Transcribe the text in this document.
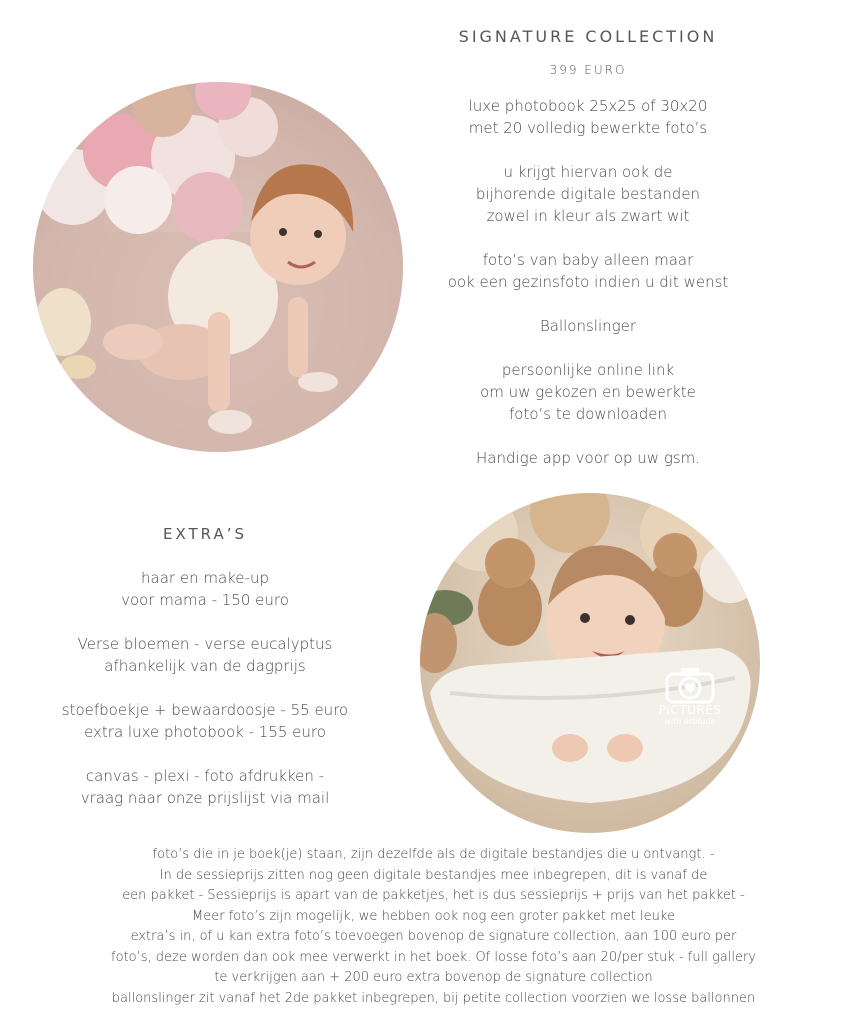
PICTURES
with attitude
SIGNATURE COLLECTION
399 EURO

luxe photobook 25x25 of 30x20
met 20 volledig bewerkte foto’s

u krijgt hiervan ook de
bijhorende digitale bestanden
zowel in kleur als zwart wit

foto’s van baby alleen maar
ook een gezinsfoto indien u dit wenst

Ballonslinger

persoonlijke online link
om uw gekozen en bewerkte
foto’s te downloaden

Handige app voor op uw gsm.

EXTRA’S

haar en make-up
voor mama - 150 euro

Verse bloemen - verse eucalyptus
afhankelijk van de dagprijs

stoefboekje + bewaardoosje - 55 euro
extra luxe photobook - 155 euro

canvas - plexi - foto afdrukken -
vraag naar onze prijslijst via mail

foto’s die in je boek(je) staan, zijn dezelfde als de digitale bestandjes die u ontvangt. -
In de sessieprijs zitten nog geen digitale bestandjes mee inbegrepen, dit is vanaf de
een pakket - Sessieprijs is apart van de pakketjes, het is dus sessieprijs + prijs van het pakket -
Meer foto’s zijn mogelijk, we hebben ook nog een groter pakket met leuke
extra’s in, of u kan extra foto’s toevoegen bovenop de signature collection, aan 100 euro per
foto’s, deze worden dan ook mee verwerkt in het boek. Of losse foto’s aan 20/per stuk - full gallery
te verkrijgen aan + 200 euro extra bovenop de signature collection
ballonslinger zit vanaf het 2de pakket inbegrepen, bij petite collection voorzien we losse ballonnen
